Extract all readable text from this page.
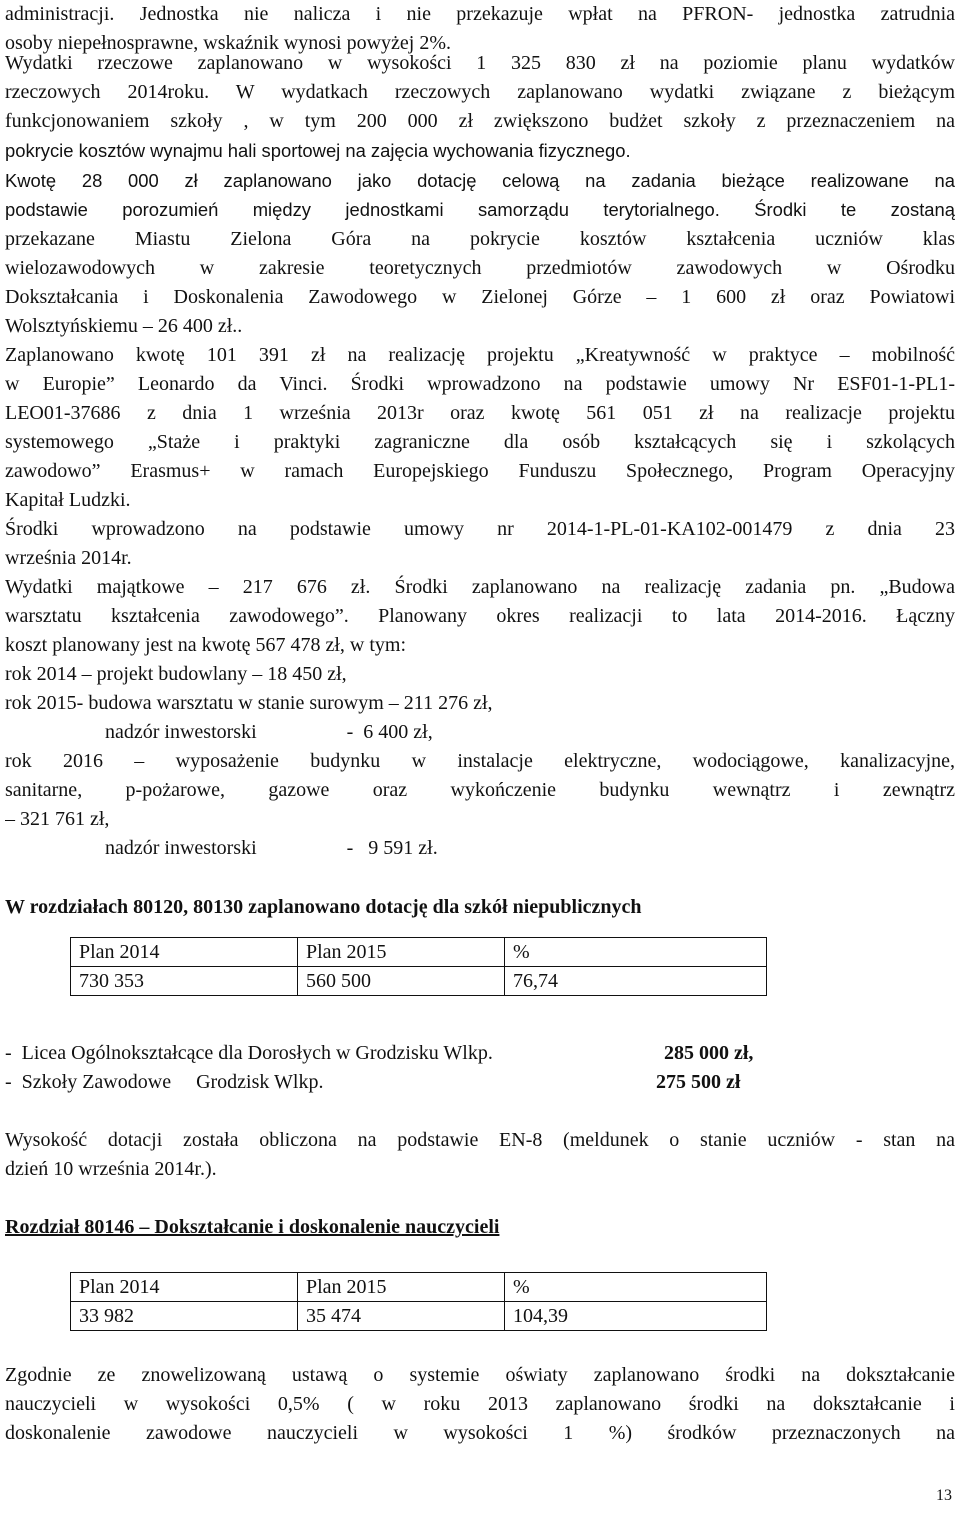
administracji. Jednostka nie nalicza i nie przekazuje wpłat na PFRON- jednostka zatrudnia
osoby niepełnosprawne, wskaźnik wynosi powyżej 2%.
Wydatki rzeczowe zaplanowano w wysokości 1 325 830 zł na poziomie planu wydatków
rzeczowych 2014roku. W wydatkach rzeczowych zaplanowano wydatki związane z bieżącym
funkcjonowaniem szkoły , w tym 200 000 zł zwiększono budżet szkoły z przeznaczeniem na
pokrycie kosztów wynajmu hali sportowej na zajęcia wychowania fizycznego.
Kwotę 28 000 zł zaplanowano jako dotację celową na zadania bieżące realizowane na
podstawie porozumień między jednostkami samorządu terytorialnego. Środki te zostaną
przekazane Miastu Zielona Góra na pokrycie kosztów kształcenia uczniów klas
wielozawodowych w zakresie teoretycznych przedmiotów zawodowych w Ośrodku
Dokształcania i Doskonalenia Zawodowego w Zielonej Górze – 1 600 zł oraz Powiatowi
Wolsztyńskiemu – 26 400 zł..
Zaplanowano kwotę 101 391 zł na realizację projektu „Kreatywność w praktyce – mobilność
w Europie” Leonardo da Vinci. Środki wprowadzono na podstawie umowy Nr ESF01-1-PL1-
LEO01-37686 z dnia 1 września 2013r oraz kwotę 561 051 zł na realizacje projektu
systemowego „Staże i praktyki zagraniczne dla osób kształcących się i szkolących
zawodowo” Erasmus+ w ramach Europejskiego Funduszu Społecznego, Program Operacyjny
Kapitał Ludzki.
Środki wprowadzono na podstawie umowy nr 2014-1-PL-01-KA102-001479 z dnia 23
września 2014r.
Wydatki majątkowe – 217 676 zł. Środki zaplanowano na realizację zadania pn. „Budowa
warsztatu kształcenia zawodowego”. Planowany okres realizacji to lata 2014-2016. Łączny
koszt planowany jest na kwotę 567 478 zł, w tym:
rok 2014 – projekt budowlany – 18 450 zł,
rok 2015- budowa warsztatu w stanie surowym – 211 276 zł,
nadzór inwestorski                  -  6 400 zł,
rok 2016 – wyposażenie budynku w instalacje elektryczne, wodociągowe, kanalizacyjne,
sanitarne, p-pożarowe, gazowe oraz wykończenie budynku wewnątrz i zewnątrz
– 321 761 zł,
nadzór inwestorski                  -   9 591 zł.
W rozdziałach 80120, 80130 zaplanowano dotację dla szkół niepublicznych
Plan 2014	Plan 2015	%
730 353	560 500	76,74
-  Licea Ogólnokształcące dla Dorosłych w Grodzisku Wlkp.	285 000 zł,
-  Szkoły Zawodowe     Grodzisk Wlkp.	275 500 zł
Wysokość dotacji została obliczona na podstawie EN-8 (meldunek o stanie uczniów - stan na
dzień 10 września 2014r.).
Rozdział 80146 – Dokształcanie i doskonalenie nauczycieli
Plan 2014	Plan 2015	%
33 982	35 474	104,39
Zgodnie ze znowelizowaną ustawą o systemie oświaty zaplanowano środki na dokształcanie
nauczycieli w wysokości 0,5% ( w roku 2013 zaplanowano środki na dokształcanie i
doskonalenie zawodowe nauczycieli w wysokości 1 %) środków przeznaczonych na
13
